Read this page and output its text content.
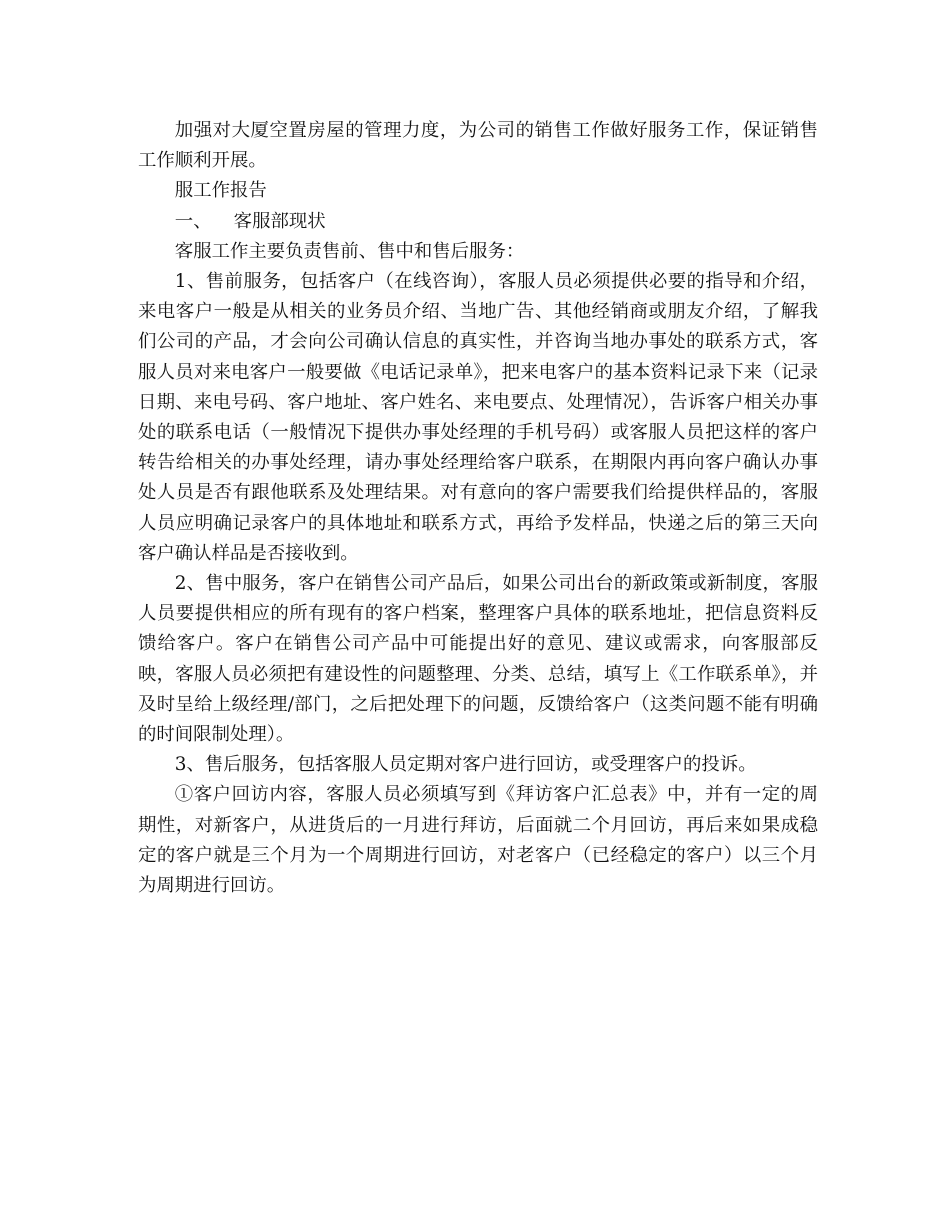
加强对大厦空置房屋的管理力度，为公司的销售工作做好服务工作，保证销售工作顺利开展。

服工作报告

一、 客服部现状

客服工作主要负责售前、售中和售后服务：

1、售前服务，包括客户（在线咨询），客服人员必须提供必要的指导和介绍，来电客户一般是从相关的业务员介绍、当地广告、其他经销商或朋友介绍，了解我们公司的产品，才会向公司确认信息的真实性，并咨询当地办事处的联系方式，客服人员对来电客户一般要做《电话记录单》，把来电客户的基本资料记录下来（记录日期、来电号码、客户地址、客户姓名、来电要点、处理情况），告诉客户相关办事处的联系电话（一般情况下提供办事处经理的手机号码）或客服人员把这样的客户转告给相关的办事处经理，请办事处经理给客户联系，在期限内再向客户确认办事处人员是否有跟他联系及处理结果。对有意向的客户需要我们给提供样品的，客服人员应明确记录客户的具体地址和联系方式，再给予发样品，快递之后的第三天向客户确认样品是否接收到。

2、售中服务，客户在销售公司产品后，如果公司出台的新政策或新制度，客服人员要提供相应的所有现有的客户档案，整理客户具体的联系地址，把信息资料反馈给客户。客户在销售公司产品中可能提出好的意见、建议或需求，向客服部反映，客服人员必须把有建设性的问题整理、分类、总结，填写上《工作联系单》，并及时呈给上级经理/部门，之后把处理下的问题，反馈给客户（这类问题不能有明确的时间限制处理）。

3、售后服务，包括客服人员定期对客户进行回访，或受理客户的投诉。

①客户回访内容，客服人员必须填写到《拜访客户汇总表》中，并有一定的周期性，对新客户，从进货后的一月进行拜访，后面就二个月回访，再后来如果成稳定的客户就是三个月为一个周期进行回访，对老客户（已经稳定的客户）以三个月为周期进行回访。
